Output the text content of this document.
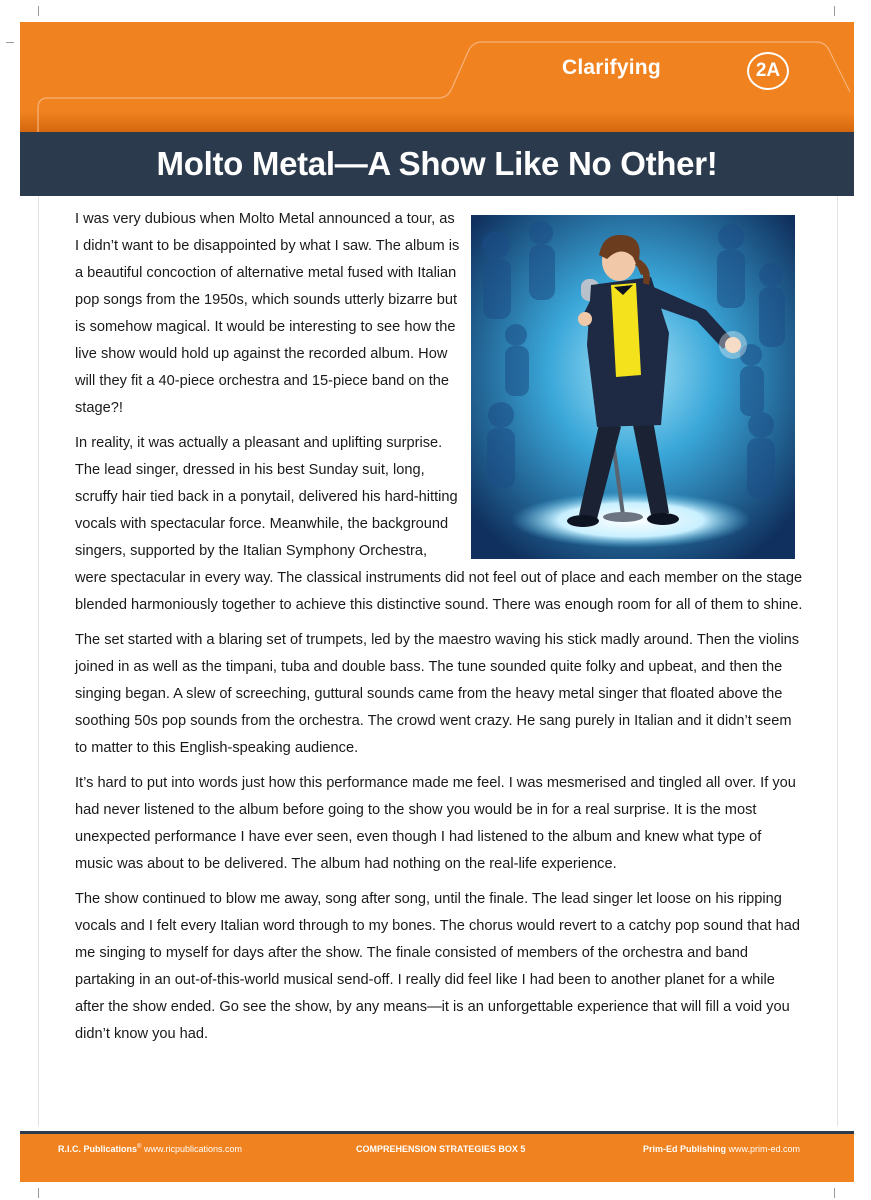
Clarifying	2A
Molto Metal—A Show Like No Other!

I was very dubious when Molto Metal announced a tour, as I didn’t want to be disappointed by what I saw. The album is a beautiful concoction of alternative metal fused with Italian pop songs from the 1950s, which sounds utterly bizarre but is somehow magical. It would be interesting to see how the live show would hold up against the recorded album. How will they fit a 40-piece orchestra and 15-piece band on the stage?!

In reality, it was actually a pleasant and uplifting surprise. The lead singer, dressed in his best Sunday suit, long, scruffy hair tied back in a ponytail, delivered his hard-hitting vocals with spectacular force. Meanwhile, the background singers, supported by the Italian Symphony Orchestra, were spectacular in every way. The classical instruments did not feel out of place and each member on the stage blended harmoniously together to achieve this distinctive sound. There was enough room for all of them to shine.

The set started with a blaring set of trumpets, led by the maestro waving his stick madly around. Then the violins joined in as well as the timpani, tuba and double bass. The tune sounded quite folky and upbeat, and then the singing began. A slew of screeching, guttural sounds came from the heavy metal singer that floated above the soothing 50s pop sounds from the orchestra. The crowd went crazy. He sang purely in Italian and it didn’t seem to matter to this English-speaking audience.

It’s hard to put into words just how this performance made me feel. I was mesmerised and tingled all over. If you had never listened to the album before going to the show you would be in for a real surprise. It is the most unexpected performance I have ever seen, even though I had listened to the album and knew what type of music was about to be delivered. The album had nothing on the real-life experience.

The show continued to blow me away, song after song, until the finale. The lead singer let loose on his ripping vocals and I felt every Italian word through to my bones. The chorus would revert to a catchy pop sound that had me singing to myself for days after the show. The finale consisted of members of the orchestra and band partaking in an out-of-this-world musical send-off. I really did feel like I had been to another planet for a while after the show ended. Go see the show, by any means—it is an unforgettable experience that will fill a void you didn’t know you had.

R.I.C. Publications® www.ricpublications.com	COMPREHENSION STRATEGIES BOX 5	Prim-Ed Publishing www.prim-ed.com
